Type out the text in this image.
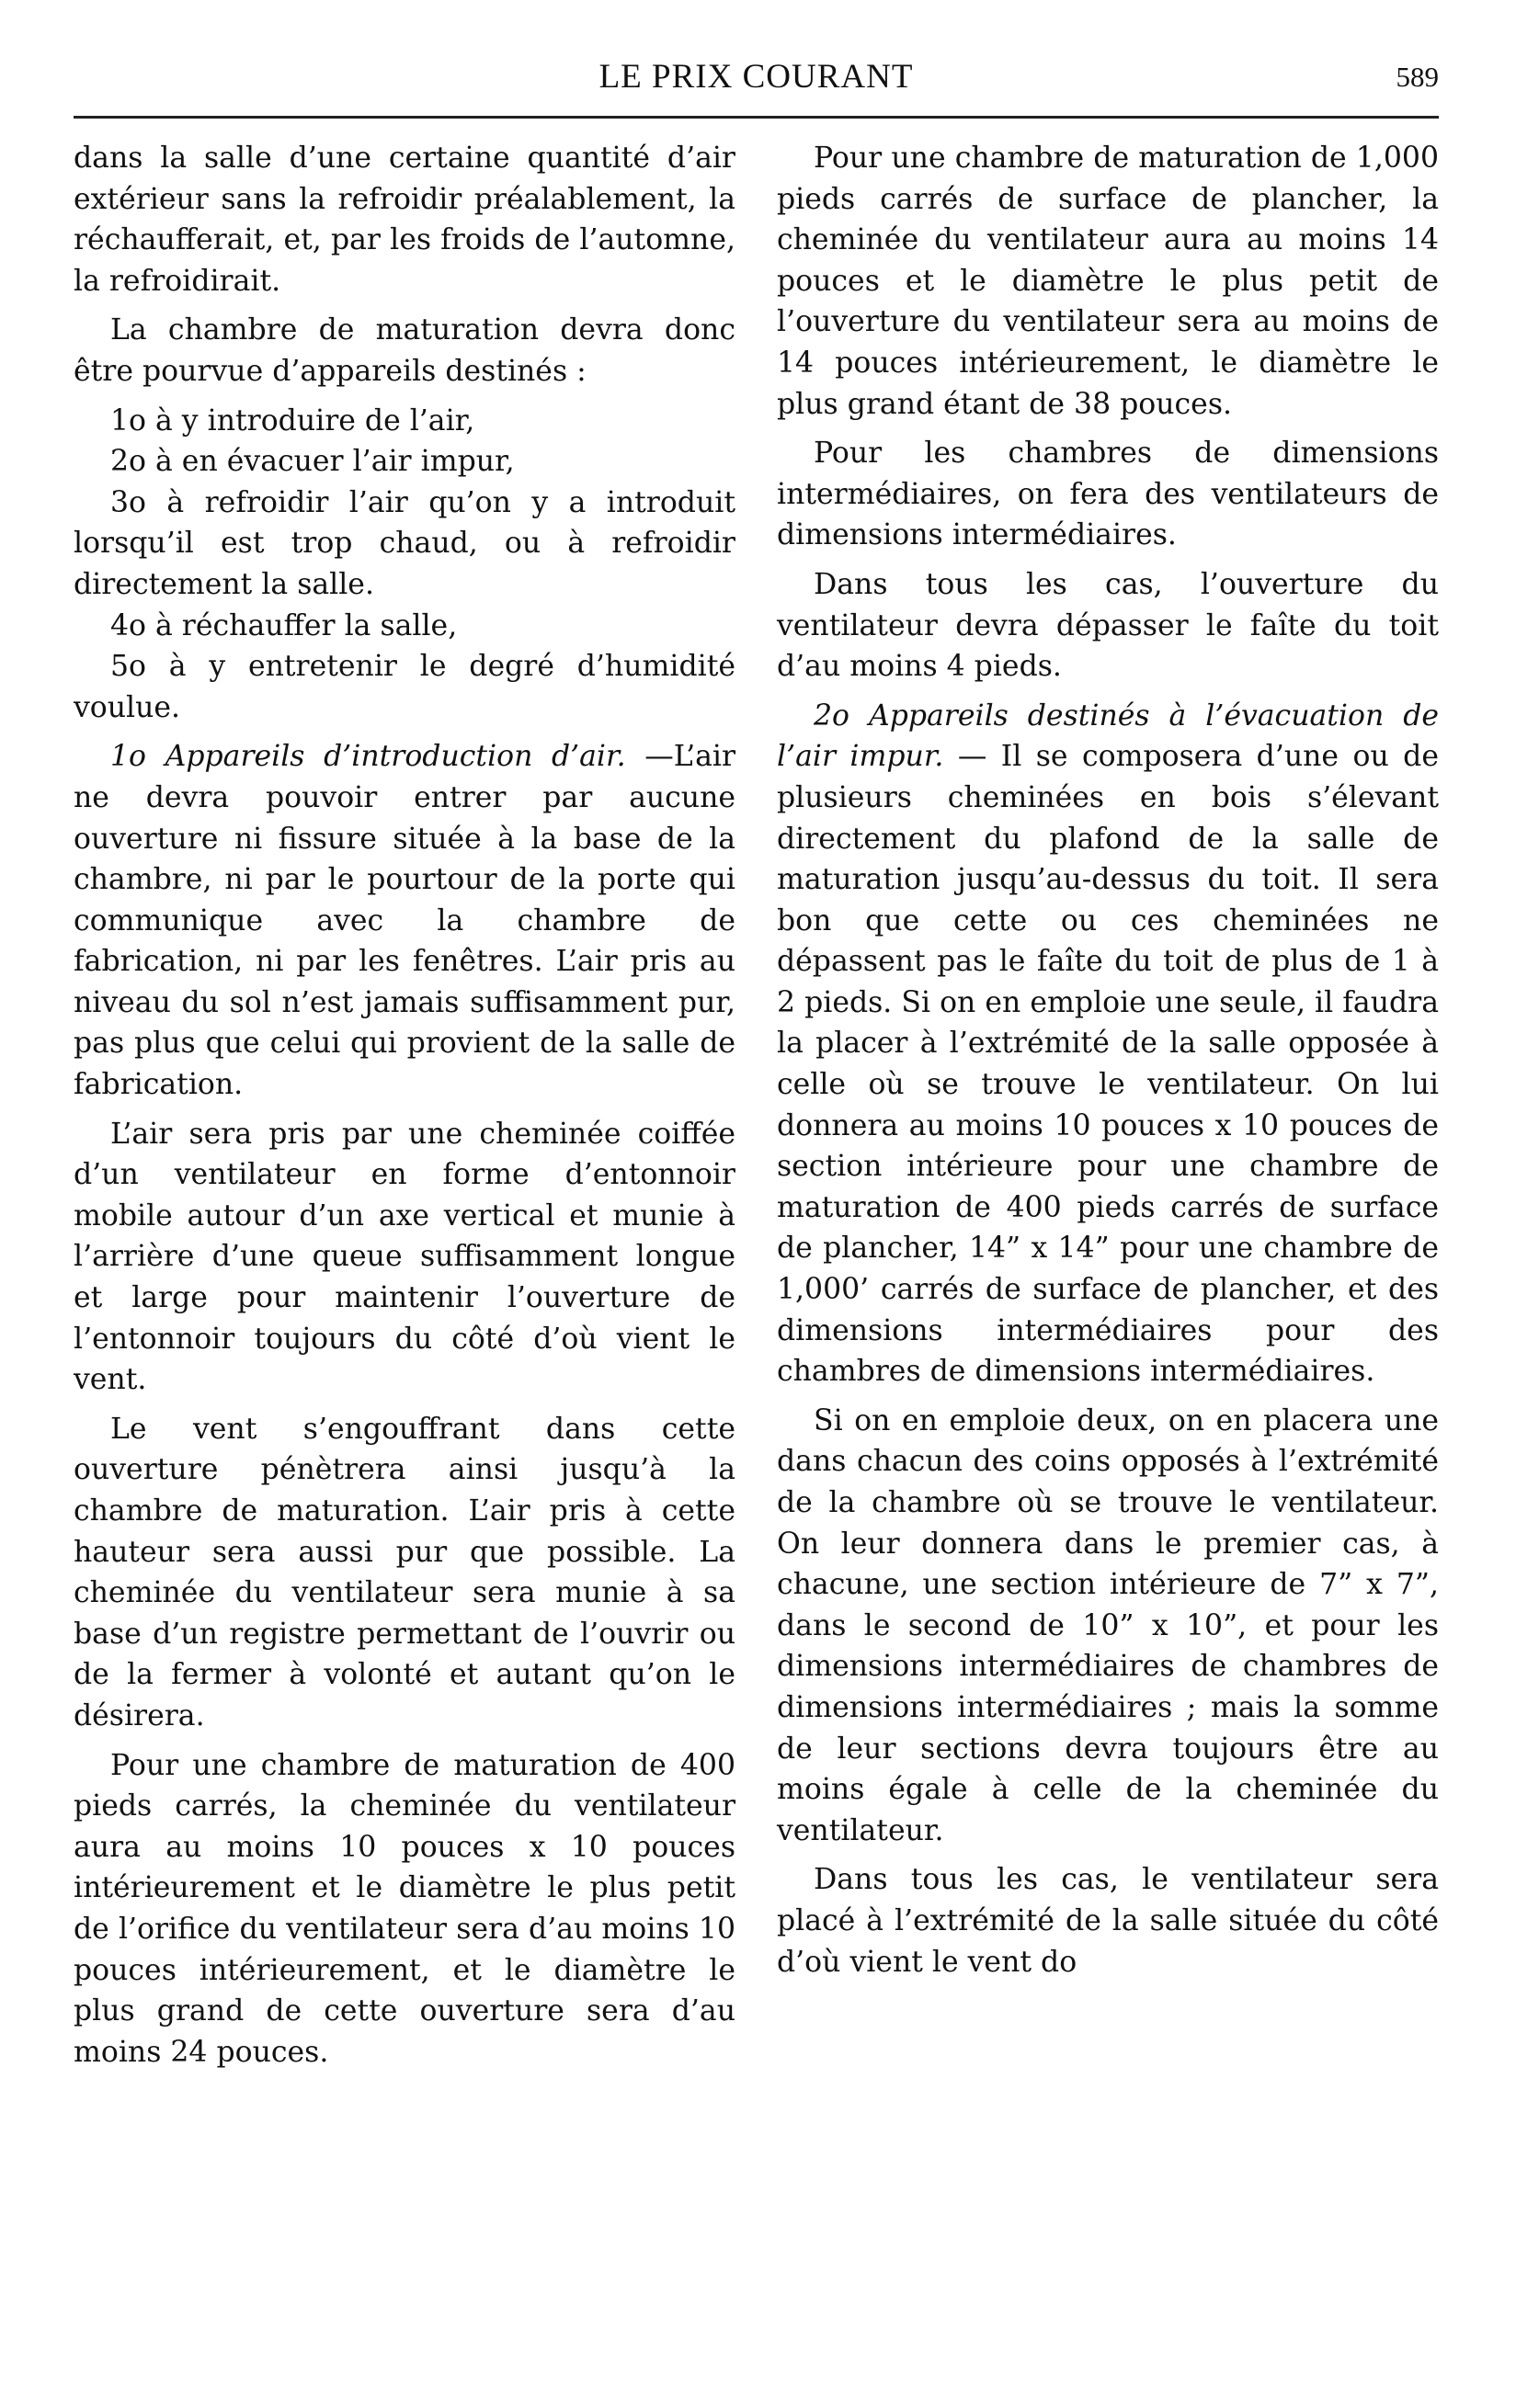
LE PRIX COURANT	589

dans la salle d’une certaine quantité d’air extérieur sans la refroidir préalablement, la réchaufferait, et, par les froids de l’automne, la refroidirait.

La chambre de maturation devra donc être pourvue d’appareils destinés :

1o à y introduire de l’air,

2o à en évacuer l’air impur,

3o à refroidir l’air qu’on y a introduit lorsqu’il est trop chaud, ou à refroidir directement la salle.

4o à réchauffer la salle,

5o à y entretenir le degré d’humidité voulue.

1o Appareils d’introduction d’air. —L’air ne devra pouvoir entrer par aucune ouverture ni fissure située à la base de la chambre, ni par le pourtour de la porte qui communique avec la chambre de fabrication, ni par les fenêtres. L’air pris au niveau du sol n’est jamais suffisamment pur, pas plus que celui qui provient de la salle de fabrication.

L’air sera pris par une cheminée coiffée d’un ventilateur en forme d’entonnoir mobile autour d’un axe vertical et munie à l’arrière d’une queue suffisamment longue et large pour maintenir l’ouverture de l’entonnoir toujours du côté d’où vient le vent.

Le vent s’engouffrant dans cette ouverture pénètrera ainsi jusqu’à la chambre de maturation. L’air pris à cette hauteur sera aussi pur que possible. La cheminée du ventilateur sera munie à sa base d’un registre permettant de l’ouvrir ou de la fermer à volonté et autant qu’on le désirera.

Pour une chambre de maturation de 400 pieds carrés, la cheminée du ventilateur aura au moins 10 pouces x 10 pouces intérieurement et le diamètre le plus petit de l’orifice du ventilateur sera d’au moins 10 pouces intérieurement, et le diamètre le plus grand de cette ouverture sera d’au moins 24 pouces.

Pour une chambre de maturation de 1,000 pieds carrés de surface de plancher, la cheminée du ventilateur aura au moins 14 pouces et le diamètre le plus petit de l’ouverture du ventilateur sera au moins de 14 pouces intérieurement, le diamètre le plus grand étant de 38 pouces.

Pour les chambres de dimensions intermédiaires, on fera des ventilateurs de dimensions intermédiaires.

Dans tous les cas, l’ouverture du ventilateur devra dépasser le faîte du toit d’au moins 4 pieds.

2o Appareils destinés à l’évacuation de l’air impur. — Il se composera d’une ou de plusieurs cheminées en bois s’élevant directement du plafond de la salle de maturation jusqu’au-dessus du toit. Il sera bon que cette ou ces cheminées ne dépassent pas le faîte du toit de plus de 1 à 2 pieds. Si on en emploie une seule, il faudra la placer à l’extrémité de la salle opposée à celle où se trouve le ventilateur. On lui donnera au moins 10 pouces x 10 pouces de section intérieure pour une chambre de maturation de 400 pieds carrés de surface de plancher, 14” x 14” pour une chambre de 1,000’ carrés de surface de plancher, et des dimensions intermédiaires pour des chambres de dimensions intermédiaires.

Si on en emploie deux, on en placera une dans chacun des coins opposés à l’extrémité de la chambre où se trouve le ventilateur. On leur donnera dans le premier cas, à chacune, une section intérieure de 7” x 7”, dans le second de 10” x 10”, et pour les dimensions intermédiaires de chambres de dimensions intermédiaires ; mais la somme de leur sections devra toujours être au moins égale à celle de la cheminée du ventilateur.

Dans tous les cas, le ventilateur sera placé à l’extrémité de la salle située du côté d’où vient le vent do
